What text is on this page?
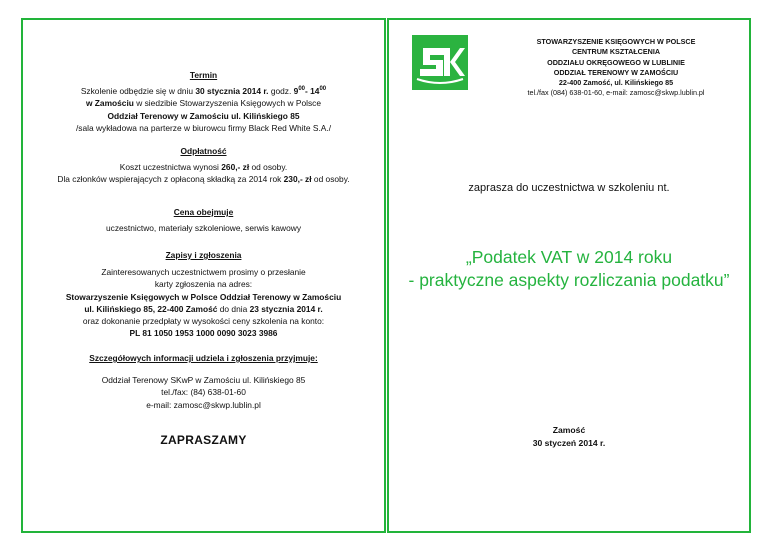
Termin
Szkolenie odbędzie się w dniu 30 stycznia 2014 r. godz. $9^{00}-$ $14^{00}$
w Zamościu w siedzibie Stowarzyszenia Księgowych w Polsce
Oddział Terenowy w Zamościu ul. Kilińskiego 85
/sala wykładowa na parterze w biurowcu firmy Black Red White S.A./
Odpłatność
Koszt uczestnictwa wynosi 260,- zł od osoby.
Dla członków wspierających z opłaconą składką za 2014 rok 230,- zł od osoby.
Cena obejmuje
uczestnictwo, materiały szkoleniowe, serwis kawowy
Zapisy i zgłoszenia
Zainteresowanych uczestnictwem prosimy o przesłanie
karty zgłoszenia na adres:
Stowarzyszenie Księgowych w Polsce Oddział Terenowy w Zamościu
ul. Kilińskiego 85, 22-400 Zamość do dnia 23 stycznia 2014 r.
oraz dokonanie przedpłaty w wysokości ceny szkolenia na konto:
PL 81 1050 1953 1000 0090 3023 3986
Szczegółowych informacji udziela i zgłoszenia przyjmuje:
Oddział Terenowy SKwP w Zamościu ul. Kilińskiego 85
tel./fax: (84) 638-01-60
e-mail: zamosc@skwp.lublin.pl
ZAPRASZAMY
STOWARZYSZENIE KSIĘGOWYCH W POLSCE
CENTRUM KSZTAŁCENIA
ODDZIAŁU OKRĘGOWEGO W LUBLINIE
ODDZIAŁ TERENOWY W ZAMOŚCIU
22-400 Zamość, ul. Kilińskiego 85
tel./fax (084) 638-01-60, e-mail: zamosc@skwp.lublin.pl
zaprasza do uczestnictwa w szkoleniu nt.
„Podatek VAT w 2014 roku
- praktyczne aspekty rozliczania podatku”
Zamość
30 styczeń 2014 r.
